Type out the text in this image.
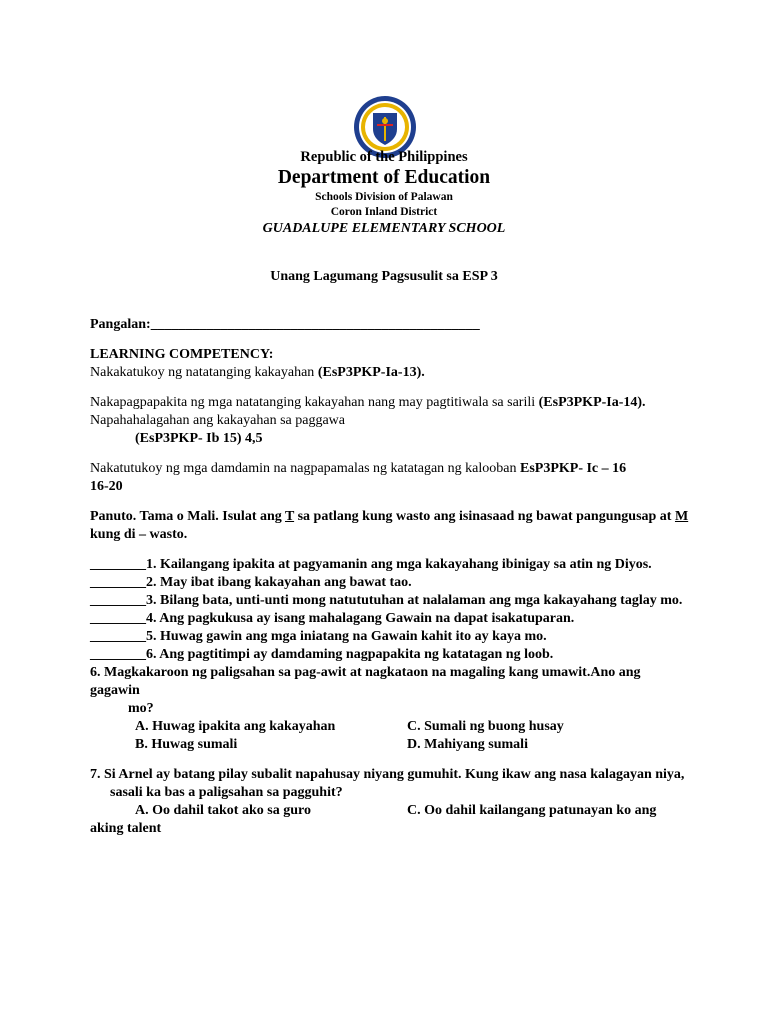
Republic of the Philippines
Department of Education
Schools Division of Palawan
Coron Inland District
GUADALUPE ELEMENTARY SCHOOL
Unang Lagumang Pagsusulit sa ESP 3
Pangalan:_______________________________________________
LEARNING COMPETENCY:
Nakakatukoy ng natatanging kakayahan (EsP3PKP-Ia-13).
Nakapagpapakita ng mga natatanging kakayahan nang may pagtitiwala sa sarili (EsP3PKP-Ia-14).
Napahahalagahan ang kakayahan sa paggawa
(EsP3PKP- Ib 15) 4,5
Nakatutukoy ng mga damdamin na nagpapamalas ng katatagan ng kalooban EsP3PKP- Ic – 16
16-20
Panuto. Tama o Mali. Isulat ang T sa patlang kung wasto ang isinasaad ng bawat pangungusap at M kung di – wasto.
________1. Kailangang ipakita at pagyamanin ang mga kakayahang ibinigay sa atin ng Diyos.
________2. May ibat ibang kakayahan ang bawat tao.
________3. Bilang bata, unti-unti mong natututuhan at nalalaman ang mga kakayahang taglay mo.
________4. Ang pagkukusa ay isang mahalagang Gawain na dapat isakatuparan.
________5. Huwag gawin ang mga iniatang na Gawain kahit ito ay kaya mo.
________6. Ang pagtitimpi ay damdaming nagpapakita ng katatagan ng loob.
6. Magkakaroon ng paligsahan sa pag-awit at nagkataon na magaling kang umawit.Ano ang gagawin
mo?
A. Huwag ipakita ang kakayahan	C. Sumali ng buong husay
B. Huwag sumali	D. Mahiyang sumali
7. Si Arnel ay batang pilay subalit napahusay niyang gumuhit. Kung ikaw ang nasa kalagayan niya,
sasali ka bas a paligsahan sa pagguhit?
A. Oo dahil takot ako sa guro	C. Oo dahil kailangang patunayan ko ang aking talent
